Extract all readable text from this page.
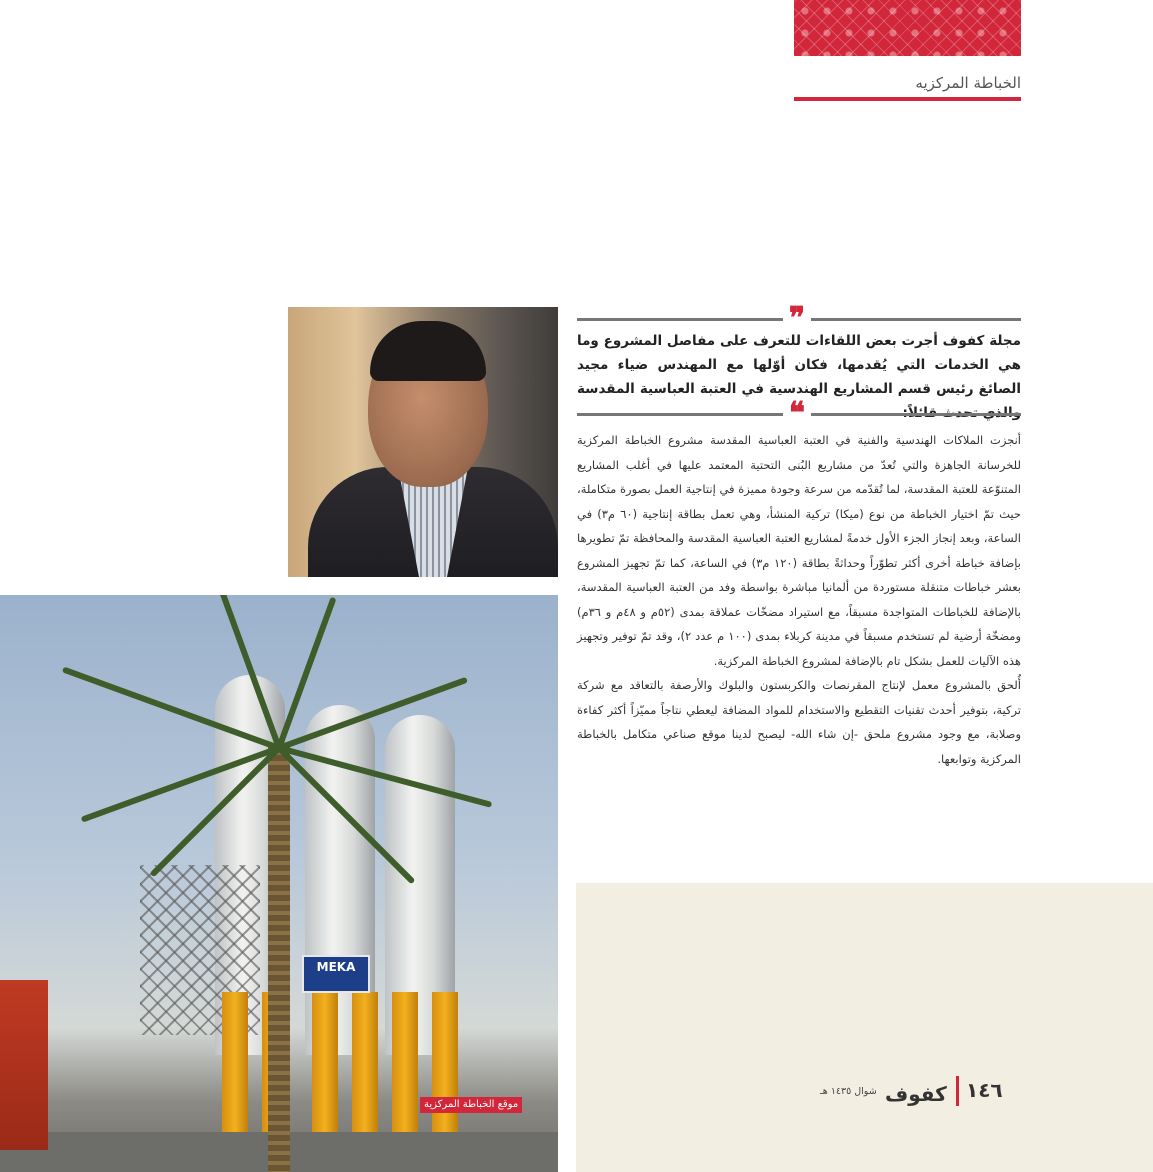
الخباطة المركزيه
❞
مجلة كفوف أجرت بعض اللقاءات للتعرف على مفاصل المشروع وما هي الخدمات التي يُقدمها، فكان أوّلها مع المهندس ضياء مجيد الصائغ رئيس قسم المشاريع الهندسية في العتبة العباسية المقدسة
❝

أنجزت الملاكات الهندسية والفنية في العتبة العباسية المقدسة مشروع الخباطة المركزية للخرسانة الجاهزة والتي تُعدّ من مشاريع البُنى التحتية المعتمد عليها في أغلب المشاريع المتنوّعة للعتبة المقدسة، لما تُقدّمه من سرعة وجودة مميزة في إنتاجية العمل بصورة متكاملة، حيث تمّ اختيار الخباطة من نوع (ميكا) تركية المنشأ، وهي تعمل بطاقة إنتاجية (٦٠ م٣) في الساعة، وبعد إنجاز الجزء الأول خدمةً لمشاريع العتبة العباسية المقدسة والمحافظة تمّ تطويرها بإضافة خباطة أخرى أكثر تطوّراً وحداثةً بطاقة (١٢٠ م٣) في الساعة، كما تمّ تجهيز المشروع بعشر خباطات متنقلة مستوردة من ألمانيا مباشرة بواسطة وفد من العتبة العباسية المقدسة، بالإضافة للخباطات المتواجدة مسبقاً، مع استيراد مضخّات عملاقة بمدى (٥٢م و ٤٨م و ٣٦م) ومضخّة أرضية لم تستخدم مسبقاً في مدينة كربلاء بمدى (١٠٠ م عدد ٢)، وقد تمّ توفير وتجهيز هذه الآليات للعمل بشكل تام بالإضافة لمشروع الخباطة المركزية.

أُلحق بالمشروع معمل لإنتاج المقرنصات والكربستون والبلوك والأرصفة بالتعاقد مع شركة تركية، بتوفير أحدث تقنيات التقطيع والاستخدام للمواد المضافة ليعطي نتاجاً مميّزاً أكثر كفاءة وصلابة، مع وجود مشروع ملحق -إن شاء الله- ليصبح لدينا موقع صناعي متكامل بالخباطة المركزية وتوابعها.

MEKA
موقع الخباطة المركزية
١٤٦
كفوف
شوال ١٤٣٥ هـ
